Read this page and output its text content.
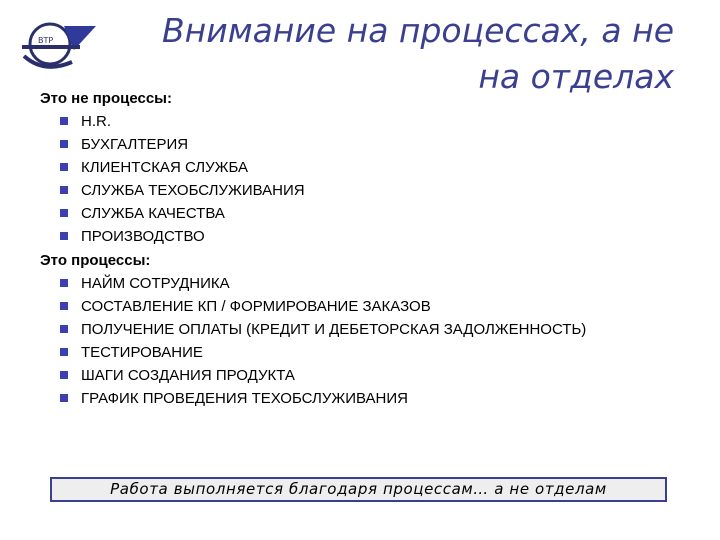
ВТР	Внимание на процессах, а не на отделах

Это не процессы:

H.R.
БУХГАЛТЕРИЯ
КЛИЕНТСКАЯ СЛУЖБА
СЛУЖБА ТЕХОБСЛУЖИВАНИЯ
СЛУЖБА КАЧЕСТВА
ПРОИЗВОДСТВО

Это процессы:

НАЙМ СОТРУДНИКА
СОСТАВЛЕНИЕ КП / ФОРМИРОВАНИЕ ЗАКАЗОВ
ПОЛУЧЕНИЕ ОПЛАТЫ (КРЕДИТ И ДЕБЕТОРСКАЯ ЗАДОЛЖЕННОСТЬ)
ТЕСТИРОВАНИЕ
ШАГИ СОЗДАНИЯ ПРОДУКТА
ГРАФИК ПРОВЕДЕНИЯ ТЕХОБСЛУЖИВАНИЯ
Работа выполняется благодаря процессам… а не отделам
